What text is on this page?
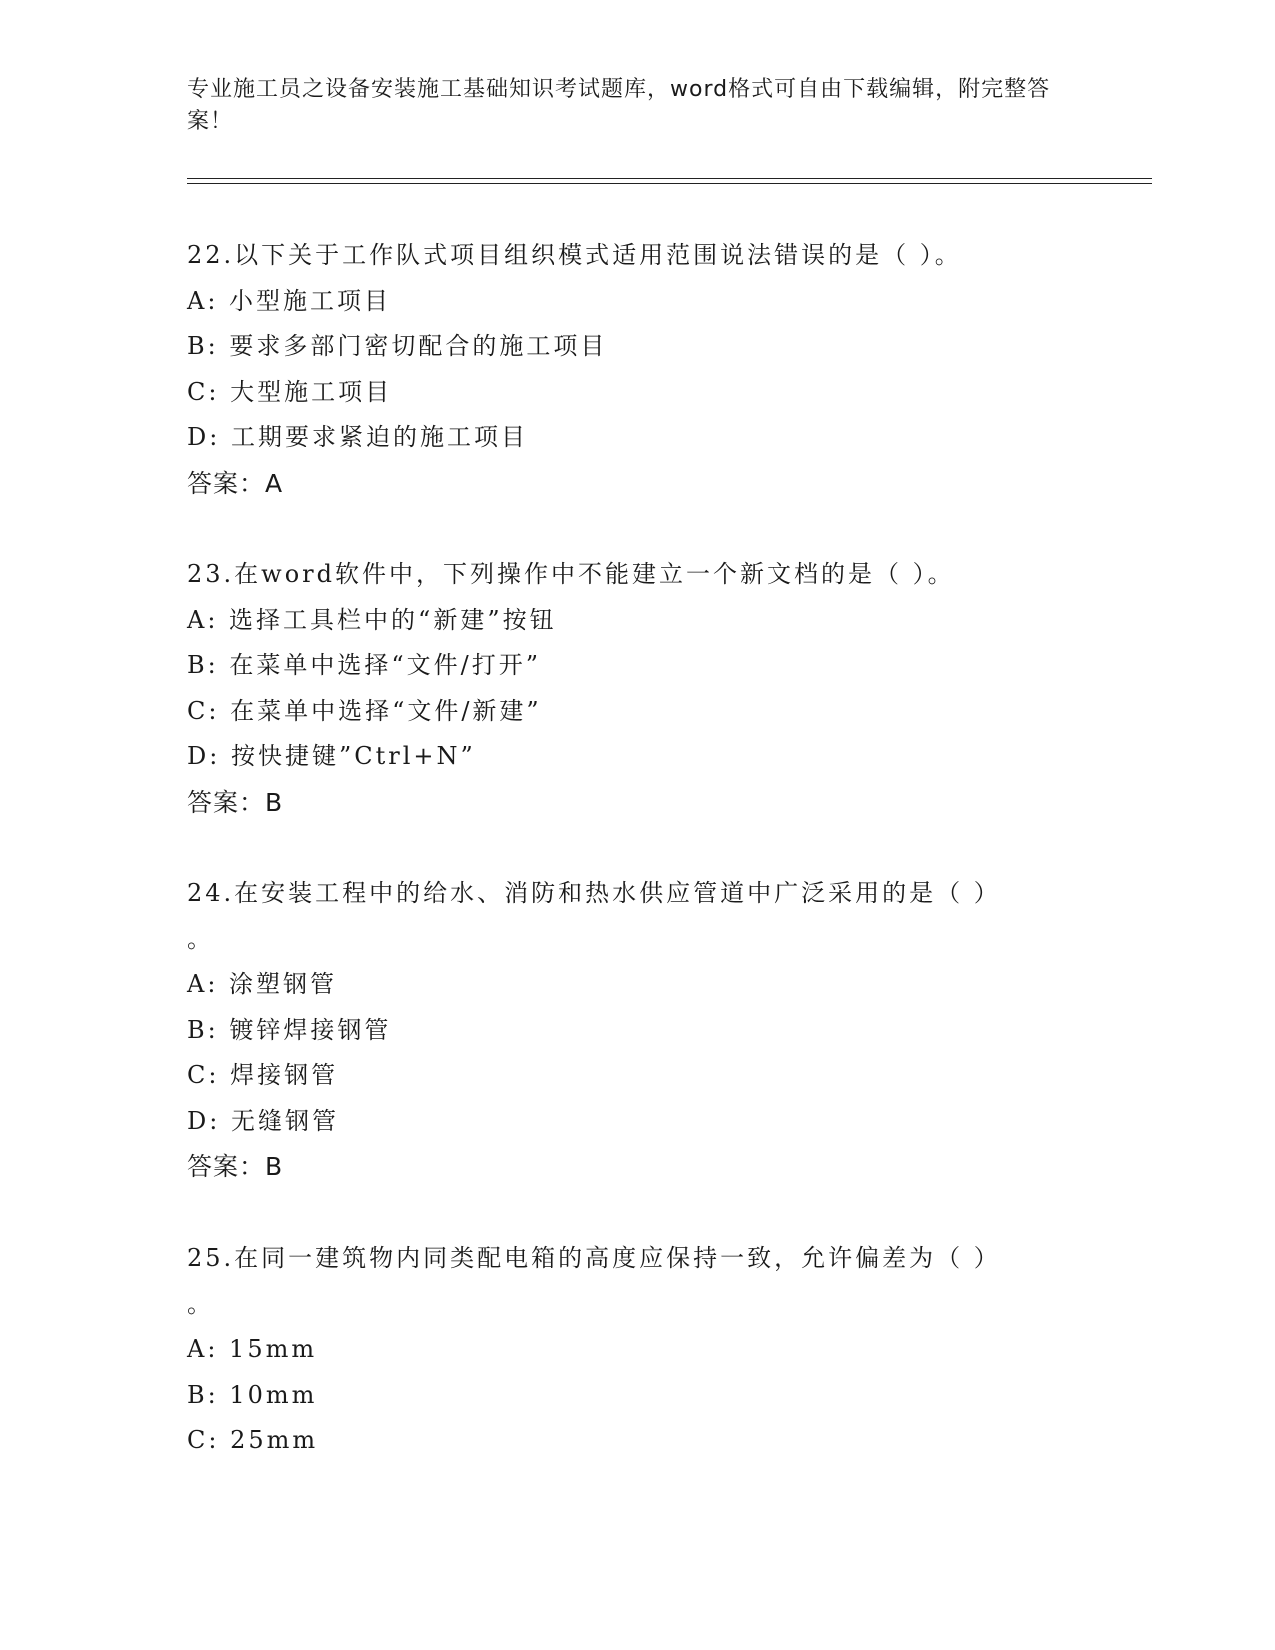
专业施工员之设备安装施工基础知识考试题库，word格式可自由下载编辑，附完整答案！
22.以下关于工作队式项目组织模式适用范围说法错误的是（ ）。
A: 小型施工项目
B: 要求多部门密切配合的施工项目
C: 大型施工项目
D: 工期要求紧迫的施工项目
答案：A
23.在word软件中，下列操作中不能建立一个新文档的是（ ）。
A: 选择工具栏中的“新建”按钮
B: 在菜单中选择“文件/打开”
C: 在菜单中选择“文件/新建”
D: 按快捷键”Ctrl+N”
答案：B
24.在安装工程中的给水、消防和热水供应管道中广泛采用的是（ ）
。
A: 涂塑钢管
B: 镀锌焊接钢管
C: 焊接钢管
D: 无缝钢管
答案：B
25.在同一建筑物内同类配电箱的高度应保持一致，允许偏差为（ ）
。
A: 15mm
B: 10mm
C: 25mm
